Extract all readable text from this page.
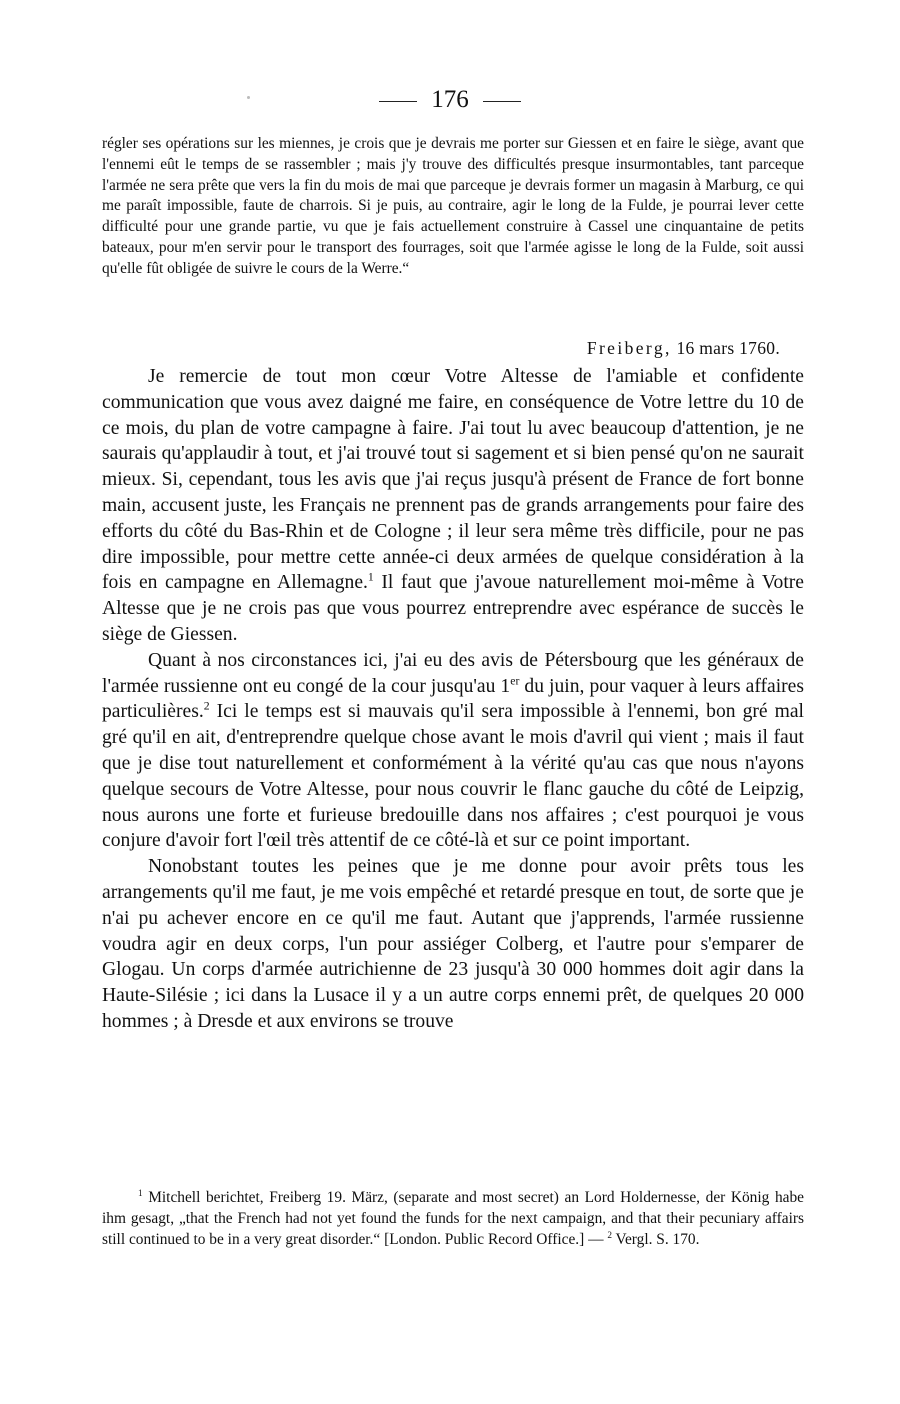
176

régler ses opérations sur les miennes, je crois que je devrais me porter sur Giessen et en faire le siège, avant que l'ennemi eût le temps de se rassembler ; mais j'y trouve des difficultés presque insurmontables, tant parceque l'armée ne sera prête que vers la fin du mois de mai que parceque je devrais former un magasin à Marburg, ce qui me paraît impossible, faute de charrois. Si je puis, au contraire, agir le long de la Fulde, je pourrai lever cette difficulté pour une grande partie, vu que je fais actuellement construire à Cassel une cinquantaine de petits bateaux, pour m'en servir pour le transport des fourrages, soit que l'armée agisse le long de la Fulde, soit aussi qu'elle fût obligée de suivre le cours de la Werre.“

Freiberg, 16 mars 1760.

Je remercie de tout mon cœur Votre Altesse de l'amiable et confidente communication que vous avez daigné me faire, en conséquence de Votre lettre du 10 de ce mois, du plan de votre campagne à faire. J'ai tout lu avec beaucoup d'attention, je ne saurais qu'applaudir à tout, et j'ai trouvé tout si sagement et si bien pensé qu'on ne saurait mieux. Si, cependant, tous les avis que j'ai reçus jusqu'à présent de France de fort bonne main, accusent juste, les Français ne prennent pas de grands arrangements pour faire des efforts du côté du Bas-Rhin et de Cologne ; il leur sera même très difficile, pour ne pas dire impossible, pour mettre cette année-ci deux armées de quelque considération à la fois en campagne en Allemagne.$^1$ Il faut que j'avoue naturellement moi-même à Votre Altesse que je ne crois pas que vous pourrez entreprendre avec espérance de succès le siège de Giessen.

Quant à nos circonstances ici, j'ai eu des avis de Pétersbourg que les généraux de l'armée russienne ont eu congé de la cour jusqu'au 1er du juin, pour vaquer à leurs affaires particulières.$^2$ Ici le temps est si mauvais qu'il sera impossible à l'ennemi, bon gré mal gré qu'il en ait, d'entreprendre quelque chose avant le mois d'avril qui vient ; mais il faut que je dise tout naturellement et conformément à la vérité qu'au cas que nous n'ayons quelque secours de Votre Altesse, pour nous couvrir le flanc gauche du côté de Leipzig, nous aurons une forte et furieuse bredouille dans nos affaires ; c'est pourquoi je vous conjure d'avoir fort l'œil très attentif de ce côté-là et sur ce point important.

Nonobstant toutes les peines que je me donne pour avoir prêts tous les arrangements qu'il me faut, je me vois empêché et retardé presque en tout, de sorte que je n'ai pu achever encore en ce qu'il me faut. Autant que j'apprends, l'armée russienne voudra agir en deux corps, l'un pour assiéger Colberg, et l'autre pour s'emparer de Glogau. Un corps d'armée autrichienne de 23 jusqu'à 30 000 hommes doit agir dans la Haute-Silésie ; ici dans la Lusace il y a un autre corps ennemi prêt, de quelques 20 000 hommes ; à Dresde et aux environs se trouve

$^1$ Mitchell berichtet, Freiberg 19. März, (separate and most secret) an Lord Holdernesse, der König habe ihm gesagt, „that the French had not yet found the funds for the next campaign, and that their pecuniary affairs still continued to be in a very great disorder.“ [London. Public Record Office.] — $^2$ Vergl. S. 170.
